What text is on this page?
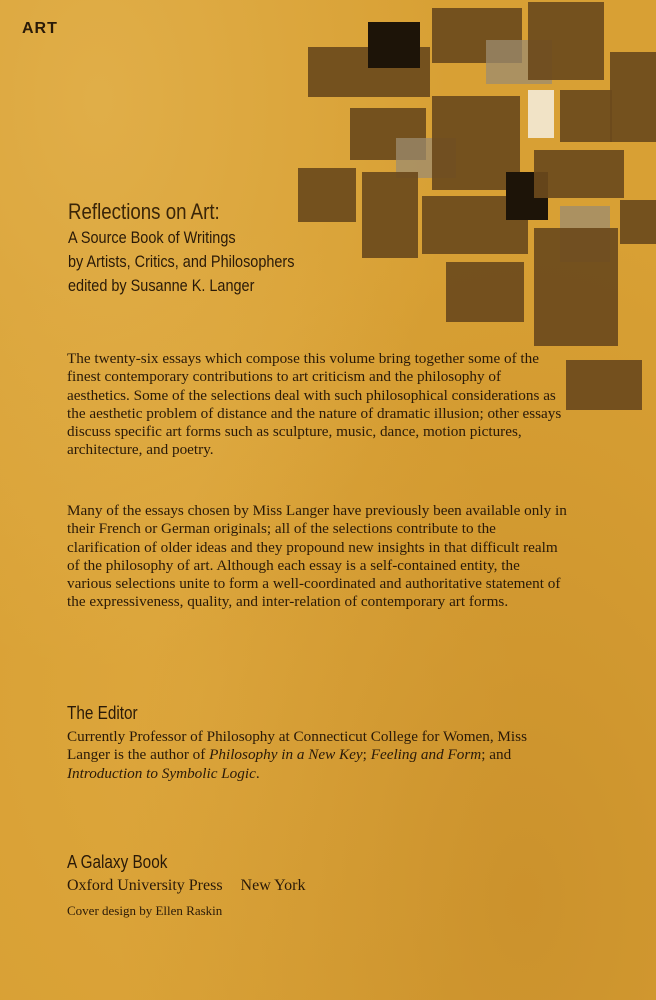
ART
Reflections on Art:
A Source Book of Writings
by Artists, Critics, and Philosophers
edited by Susanne K. Langer

The twenty-six essays which compose this volume bring together some of the finest contemporary contributions to art criticism and the philosophy of aesthetics. Some of the selections deal with such philosophical considerations as the aesthetic problem of distance and the nature of dramatic illusion; other essays discuss specific art forms such as sculpture, music, dance, motion pictures, architecture, and poetry.

Many of the essays chosen by Miss Langer have previously been available only in their French or German originals; all of the selections contribute to the clarification of older ideas and they propound new insights in that difficult realm of the philosophy of art. Although each essay is a self-contained entity, the various selections unite to form a well-coordinated and authoritative statement of the expressiveness, quality, and inter-relation of contemporary art forms.

The Editor

Currently Professor of Philosophy at Connecticut College for Women, Miss Langer is the author of Philosophy in a New Key; Feeling and Form; and Introduction to Symbolic Logic.

A Galaxy Book
Oxford University Press New York
Cover design by Ellen Raskin
